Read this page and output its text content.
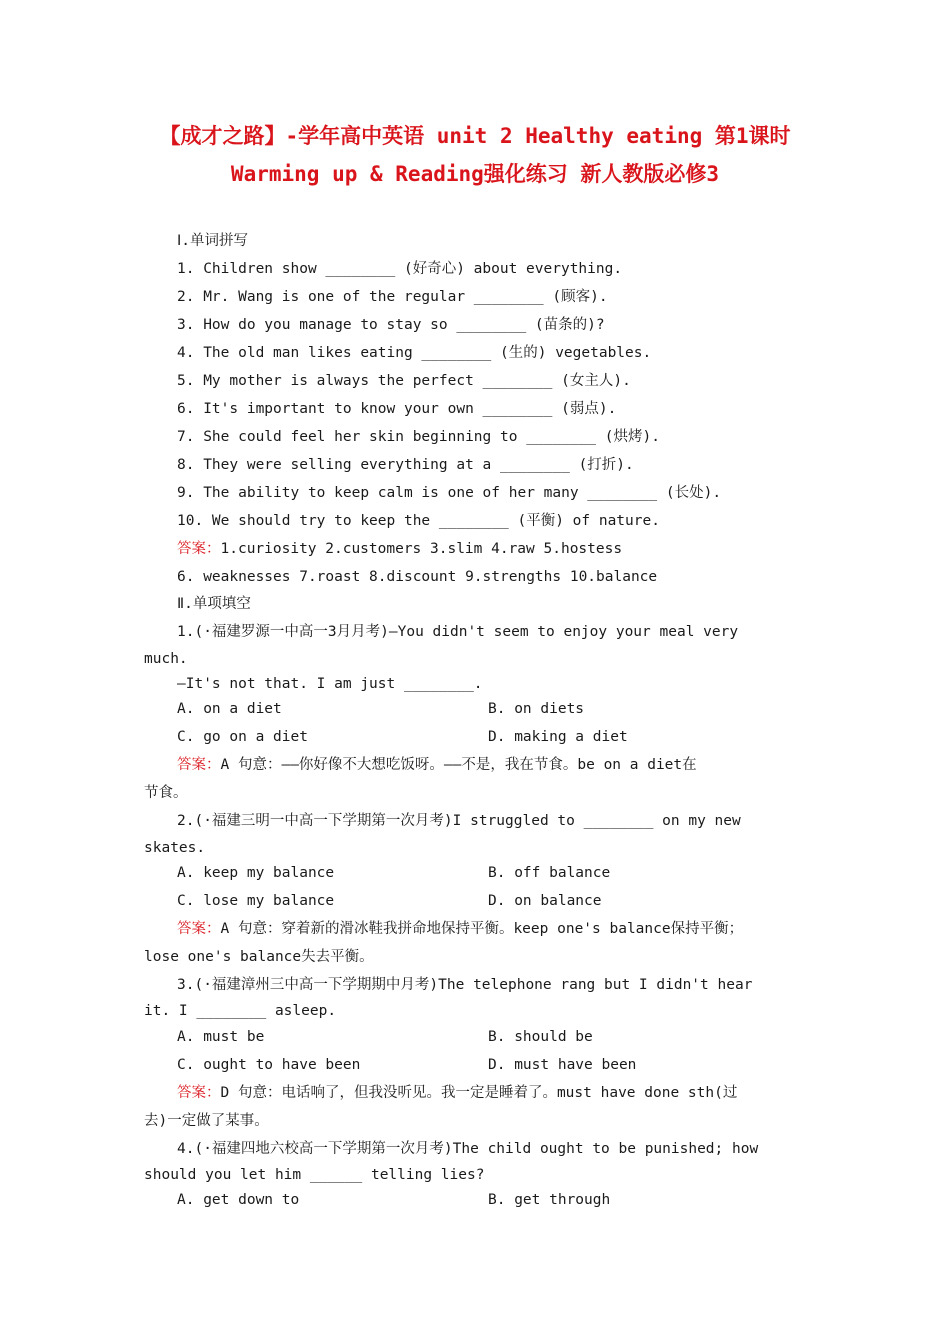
【成才之路】-学年高中英语 unit 2 Healthy eating 第1课时
Warming up & Reading强化练习 新人教版必修3
Ⅰ.单词拼写
1. Children show ________ (好奇心) about everything.
2. Mr. Wang is one of the regular ________ (顾客).
3. How do you manage to stay so ________ (苗条的)?
4. The old man likes eating ________ (生的) vegetables.
5. My mother is always the perfect ________ (女主人).
6. It's important to know your own ________ (弱点).
7. She could feel her skin beginning to ________ (烘烤).
8. They were selling everything at a ________ (打折).
9. The ability to keep calm is one of her many ________ (长处).
10. We should try to keep the ________ (平衡) of nature.
答案：1.curiosity 2.customers 3.slim 4.raw 5.hostess
6. weaknesses 7.roast 8.discount 9.strengths 10.balance
Ⅱ.单项填空
1.(·福建罗源一中高一3月月考)—You didn't seem to enjoy your meal very
much.
—It's not that. I am just ________.
A. on a diet	B. on diets
C. go on a diet	D. making a diet
答案：A 句意：——你好像不大想吃饭呀。——不是，我在节食。be on a diet在
节食。
2.(·福建三明一中高一下学期第一次月考)I struggled to ________ on my new
skates.
A. keep my balance	B. off balance
C. lose my balance	D. on balance
答案：A 句意：穿着新的滑冰鞋我拼命地保持平衡。keep one's balance保持平衡；
lose one's balance失去平衡。
3.(·福建漳州三中高一下学期期中月考)The telephone rang but I didn't hear
it. I ________ asleep.
A. must be	B. should be
C. ought to have been	D. must have been
答案：D 句意：电话响了，但我没听见。我一定是睡着了。must have done sth(过
去)一定做了某事。
4.(·福建四地六校高一下学期第一次月考)The child ought to be punished; how
should you let him ______ telling lies?
A. get down to	B. get through
